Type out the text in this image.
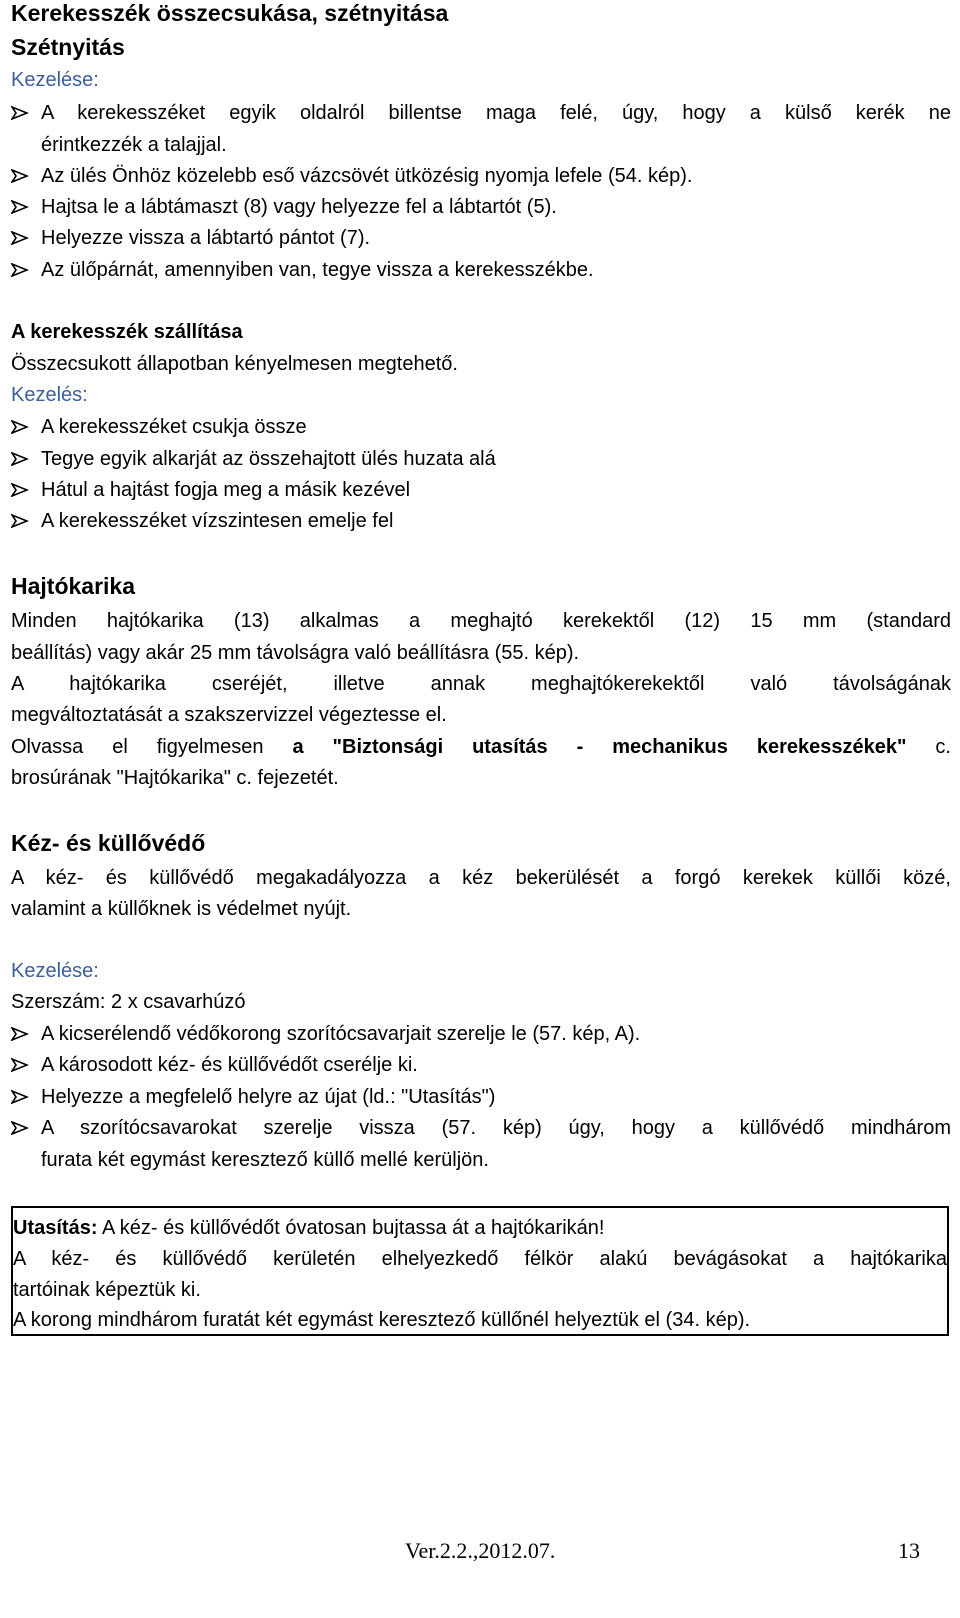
Kerekesszék összecsukása, szétnyitása
Szétnyitás
Kezelése:
A kerekesszéket egyik oldalról billentse maga felé, úgy, hogy a külső kerék ne
érintkezzék a talajjal.
Az ülés Önhöz közelebb eső vázcsövét ütközésig nyomja lefele (54. kép).
Hajtsa le a lábtámaszt (8) vagy helyezze fel a lábtartót (5).
Helyezze vissza a lábtartó pántot (7).
Az ülőpárnát, amennyiben van, tegye vissza a kerekesszékbe.
A kerekesszék szállítása
Összecsukott állapotban kényelmesen megtehető.
Kezelés:
A kerekesszéket csukja össze
Tegye egyik alkarját az összehajtott ülés huzata alá
Hátul a hajtást fogja meg a másik kezével
A kerekesszéket vízszintesen emelje fel
Hajtókarika
Minden hajtókarika (13) alkalmas a meghajtó kerekektől (12) 15 mm (standard
beállítás) vagy akár 25 mm távolságra való beállításra (55. kép).
A hajtókarika cseréjét, illetve annak meghajtókerekektől való távolságának
megváltoztatását a szakszervizzel végeztesse el.
Olvassa el figyelmesen a "Biztonsági utasítás - mechanikus kerekesszékek" c.
brosúrának "Hajtókarika" c. fejezetét.
Kéz- és küllővédő
A kéz- és küllővédő megakadályozza a kéz bekerülését a forgó kerekek küllői közé,
valamint a küllőknek is védelmet nyújt.
Kezelése:
Szerszám: 2 x csavarhúzó
A kicserélendő védőkorong szorítócsavarjait szerelje le (57. kép, A).
A károsodott kéz- és küllővédőt cserélje ki.
Helyezze a megfelelő helyre az újat (ld.: "Utasítás")
A szorítócsavarokat szerelje vissza (57. kép) úgy, hogy a küllővédő mindhárom
furata két egymást keresztező küllő mellé kerüljön.
Utasítás: A kéz- és küllővédőt óvatosan bujtassa át a hajtókarikán!
A kéz- és küllővédő kerületén elhelyezkedő félkör alakú bevágásokat a hajtókarika
tartóinak képeztük ki.
A korong mindhárom furatát két egymást keresztező küllőnél helyeztük el (34. kép).
Ver.2.2.,2012.07.	13
